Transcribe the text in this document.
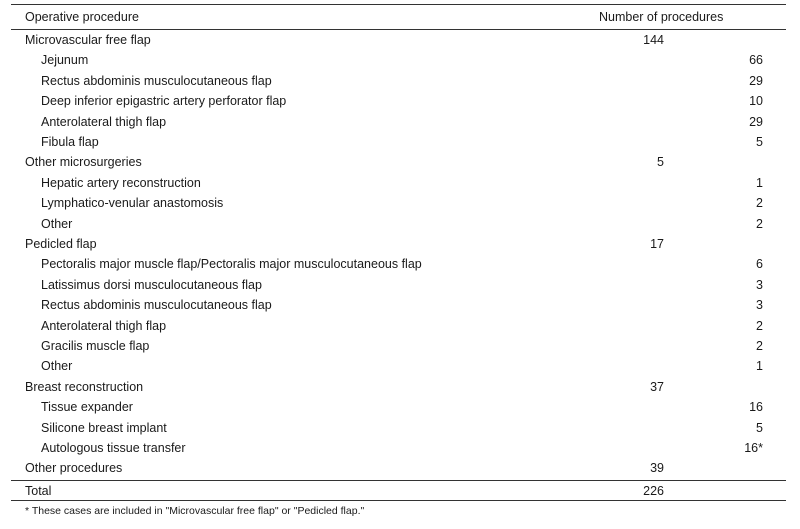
Operative procedure	Number of procedures
Microvascular free flap	144
Jejunum	66
Rectus abdominis musculocutaneous flap	29
Deep inferior epigastric artery perforator flap	10
Anterolateral thigh flap	29
Fibula flap	5
Other microsurgeries	5
Hepatic artery reconstruction	1
Lymphatico-venular anastomosis	2
Other	2
Pedicled flap	17
Pectoralis major muscle flap/Pectoralis major musculocutaneous flap	6
Latissimus dorsi musculocutaneous flap	3
Rectus abdominis musculocutaneous flap	3
Anterolateral thigh flap	2
Gracilis muscle flap	2
Other	1
Breast reconstruction	37
Tissue expander	16
Silicone breast implant	5
Autologous tissue transfer	16*
Other procedures	39
Total	226
* These cases are included in "Microvascular free flap" or "Pedicled flap."
